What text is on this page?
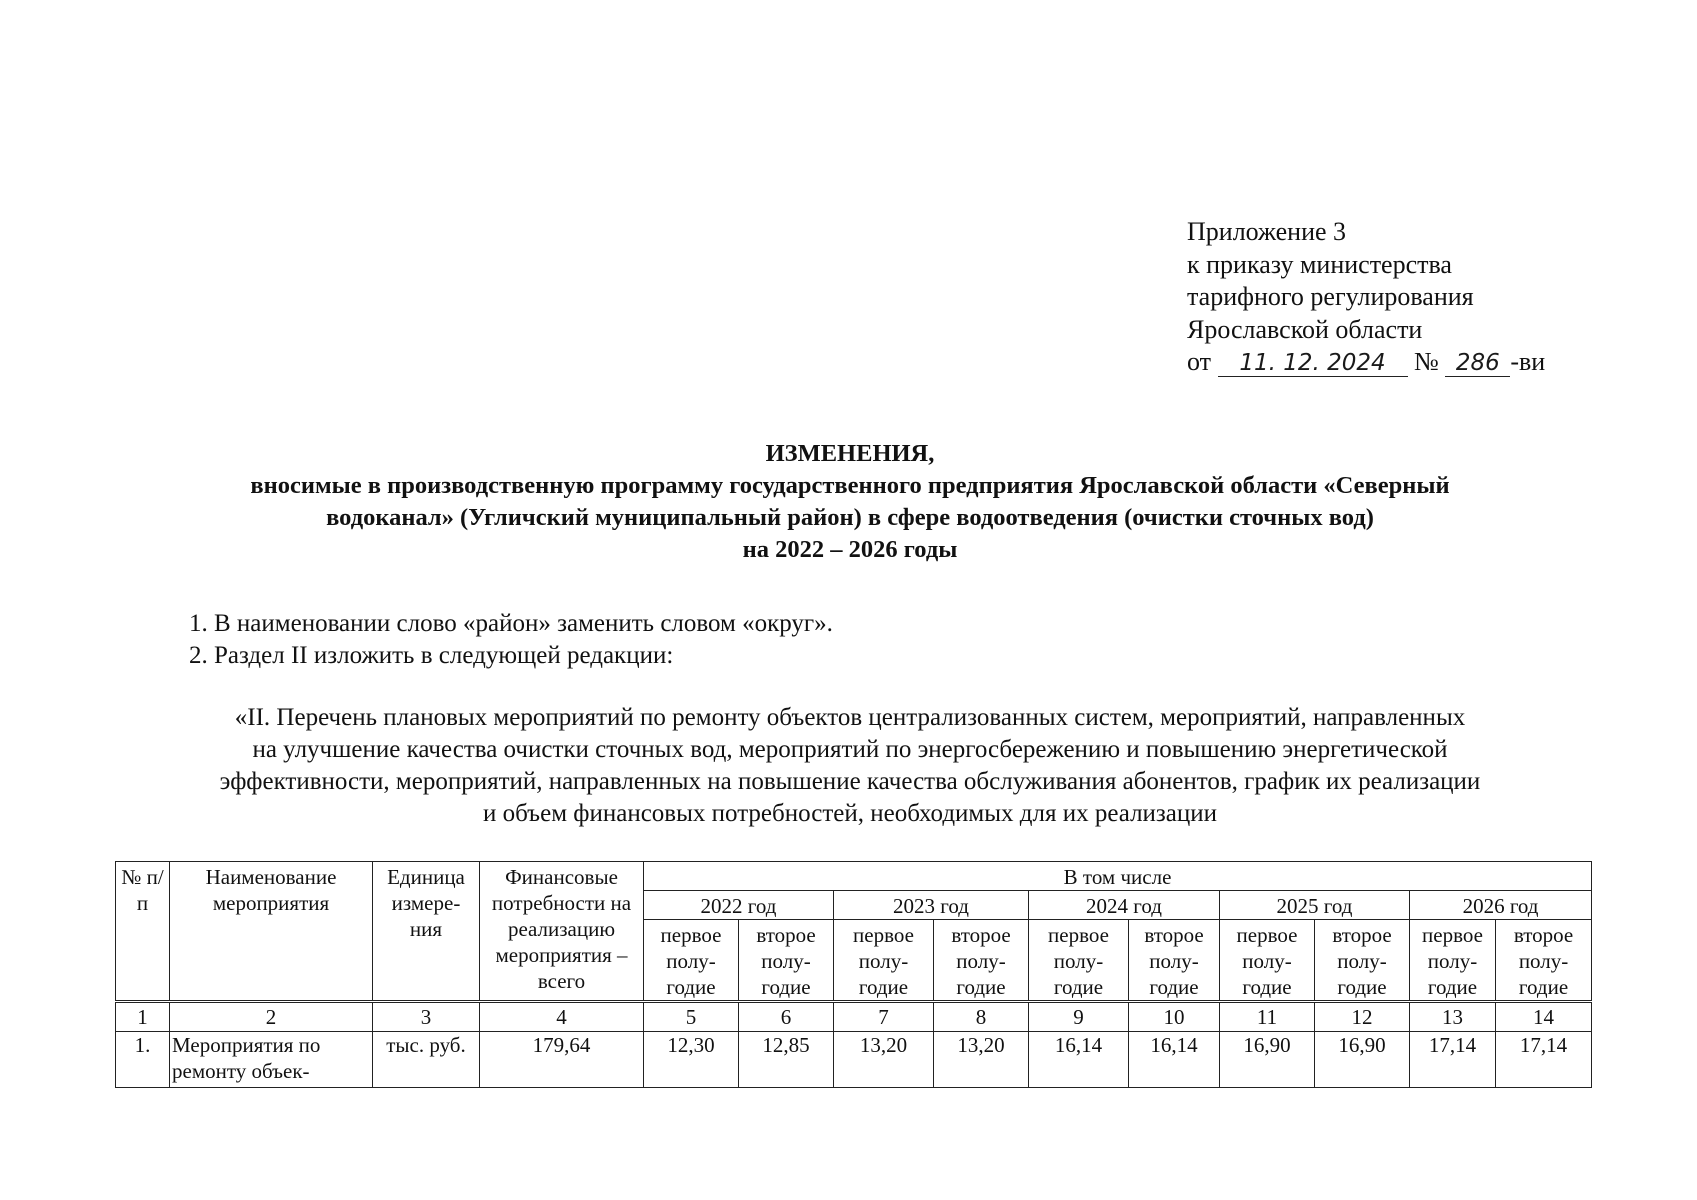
Приложение 3
к приказу министерства
тарифного регулирования
Ярославской области
от 11. 12. 2024 № 286 -ви
ИЗМЕНЕНИЯ,
вносимые в производственную программу государственного предприятия Ярославской области «Северный
водоканал» (Угличский муниципальный район) в сфере водоотведения (очистки сточных вод)
на 2022 – 2026 годы
1. В наименовании слово «район» заменить словом «округ».
2. Раздел II изложить в следующей редакции:
«II. Перечень плановых мероприятий по ремонту объектов централизованных систем, мероприятий, направленных
на улучшение качества очистки сточных вод, мероприятий по энергосбережению и повышению энергетической
эффективности, мероприятий, направленных на повышение качества обслуживания абонентов, график их реализации
и объем финансовых потребностей, необходимых для их реализации
№ п/п	Наименование мероприятия	Единица измере- ния	Финансовые потребности на реализацию мероприятия – всего	В том числе									
				2022 год		2023 год		2024 год		2025 год		2026 год	
				первое полу- годие	второе полу- годие	первое полу- годие	второе полу- годие	первое полу- годие	второе полу- годие	первое полу- годие	второе полу- годие	первое полу- годие	второе полу- годие
1	2	3	4	5	6	7	8	9	10	11	12	13	14
1.	Мероприятия по ремонту объек-	тыс. руб.	179,64	12,30	12,85	13,20	13,20	16,14	16,14	16,90	16,90	17,14	17,14
